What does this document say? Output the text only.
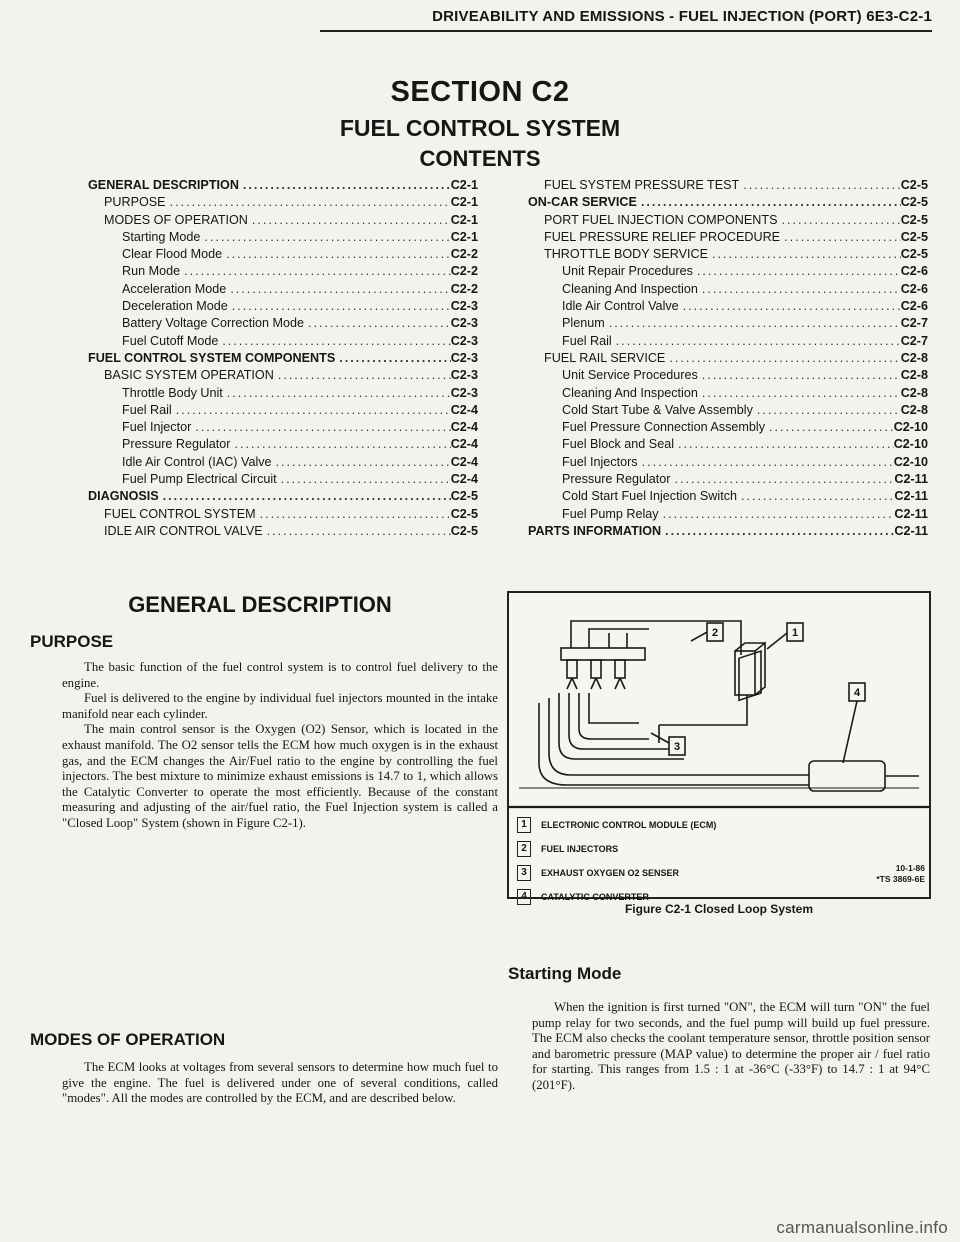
DRIVEABILITY AND EMISSIONS - FUEL INJECTION (PORT) 6E3-C2-1
SECTION C2
FUEL CONTROL SYSTEM
CONTENTS
GENERAL DESCRIPTION .....	C2-1
PURPOSE .....	C2-1
MODES OF OPERATION .....	C2-1
Starting Mode .....	C2-1
Clear Flood Mode .....	C2-2
Run Mode .....	C2-2
Acceleration Mode .....	C2-2
Deceleration Mode .....	C2-3
Battery Voltage Correction Mode .....	C2-3
Fuel Cutoff Mode .....	C2-3
FUEL CONTROL SYSTEM COMPONENTS .....	C2-3
BASIC SYSTEM OPERATION .....	C2-3
Throttle Body Unit .....	C2-3
Fuel Rail .....	C2-4
Fuel Injector .....	C2-4
Pressure Regulator .....	C2-4
Idle Air Control (IAC) Valve .....	C2-4
Fuel Pump Electrical Circuit .....	C2-4
DIAGNOSIS .....	C2-5
FUEL CONTROL SYSTEM .....	C2-5
IDLE AIR CONTROL VALVE .....	C2-5
FUEL SYSTEM PRESSURE TEST .....	C2-5
ON-CAR SERVICE .....	C2-5
PORT FUEL INJECTION COMPONENTS .....	C2-5
FUEL PRESSURE RELIEF PROCEDURE .....	C2-5
THROTTLE BODY SERVICE .....	C2-5
Unit Repair Procedures .....	C2-6
Cleaning And Inspection .....	C2-6
Idle Air Control Valve .....	C2-6
Plenum .....	C2-7
Fuel Rail .....	C2-7
FUEL RAIL SERVICE .....	C2-8
Unit Service Procedures .....	C2-8
Cleaning And Inspection .....	C2-8
Cold Start Tube & Valve Assembly .....	C2-8
Fuel Pressure Connection Assembly .....	C2-10
Fuel Block and Seal .....	C2-10
Fuel Injectors .....	C2-10
Pressure Regulator .....	C2-11
Cold Start Fuel Injection Switch .....	C2-11
Fuel Pump Relay .....	C2-11
PARTS INFORMATION .....	C2-11
GENERAL DESCRIPTION
PURPOSE

The basic function of the fuel control system is to control fuel delivery to the engine.

Fuel is delivered to the engine by individual fuel injectors mounted in the intake manifold near each cylinder.

The main control sensor is the Oxygen (O2) Sensor, which is located in the exhaust manifold. The O2 sensor tells the ECM how much oxygen is in the exhaust gas, and the ECM changes the Air/Fuel ratio to the engine by controlling the fuel injectors. The best mixture to minimize exhaust emissions is 14.7 to 1, which allows the Catalytic Converter to operate the most efficiently. Because of the constant measuring and adjusting of the air/fuel ratio, the Fuel Injection system is called a "Closed Loop" System (shown in Figure C2-1).

MODES OF OPERATION

The ECM looks at voltages from several sensors to determine how much fuel to give the engine. The fuel is delivered under one of several conditions, called "modes". All the modes are controlled by the ECM, and are described below.

2	1
3
4
1	ELECTRONIC CONTROL MODULE (ECM)
2	FUEL INJECTORS
3	EXHAUST OXYGEN O2 SENSER
4	CATALYTIC CONVERTER
10-1-86
*TS 3869-6E
Figure C2-1 Closed Loop System
Starting Mode

When the ignition is first turned "ON", the ECM will turn "ON" the fuel pump relay for two seconds, and the fuel pump will build up fuel pressure. The ECM also checks the coolant temperature sensor, throttle position sensor and barometric pressure (MAP value) to determine the proper air / fuel ratio for starting. This ranges from 1.5 : 1 at -36°C (-33°F) to 14.7 : 1 at 94°C (201°F).

carmanualsonline.info
